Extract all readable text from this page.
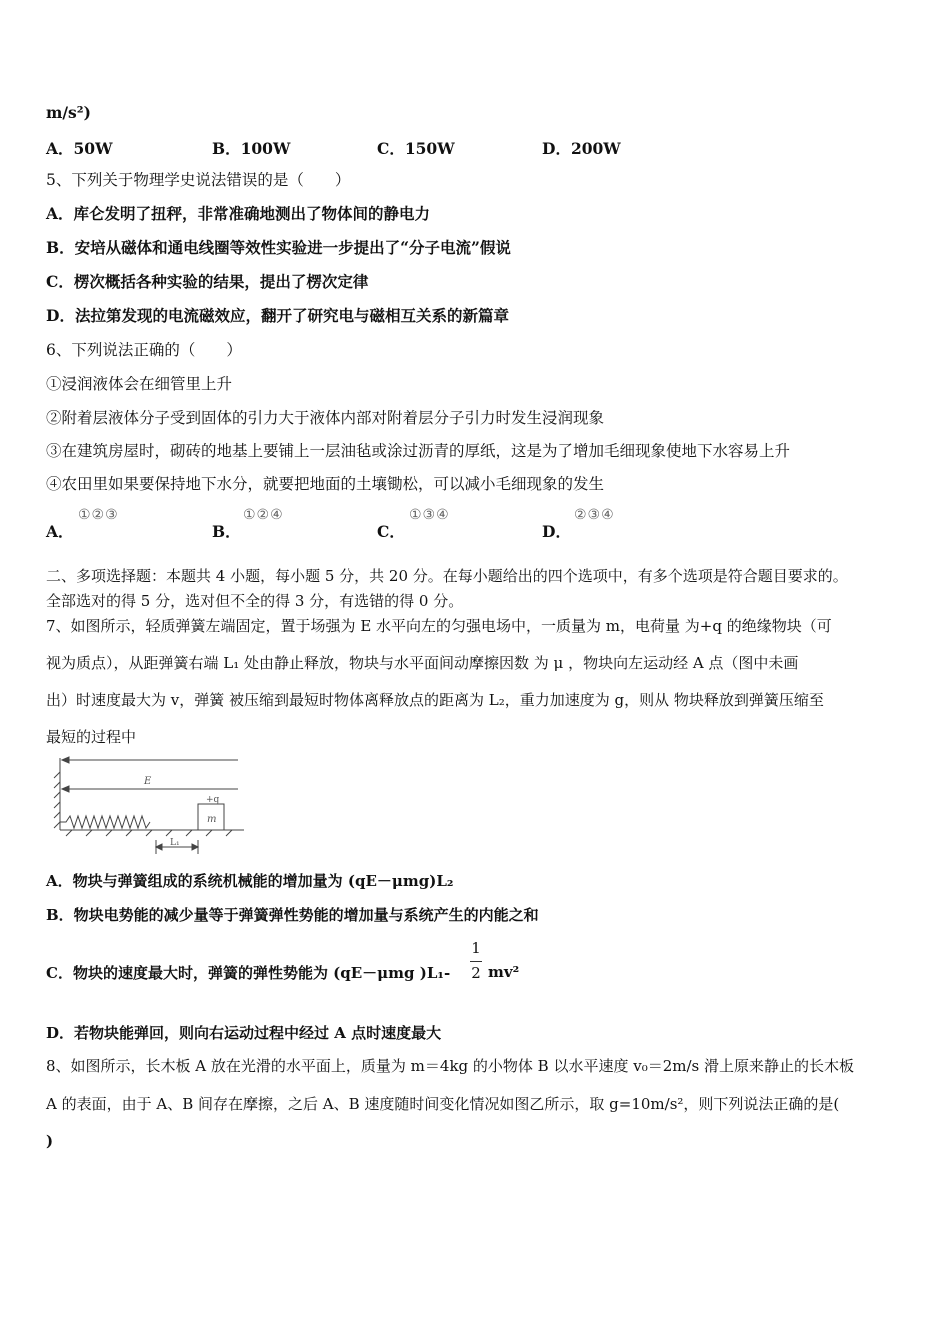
m/s²)
A．50W	B．100W	C．150W	D．200W
5、下列关于物理学史说法错误的是（　　）
A．库仑发明了扭秤，非常准确地测出了物体间的静电力
B．安培从磁体和通电线圈等效性实验进一步提出了“分子电流”假说
C．楞次概括各种实验的结果，提出了楞次定律
D．法拉第发现的电流磁效应，翻开了研究电与磁相互关系的新篇章
6、下列说法正确的（　　）
①浸润液体会在细管里上升
②附着层液体分子受到固体的引力大于液体内部对附着层分子引力时发生浸润现象
③在建筑房屋时，砌砖的地基上要铺上一层油毡或涂过沥青的厚纸，这是为了增加毛细现象使地下水容易上升
④农田里如果要保持地下水分，就要把地面的土壤锄松，可以减小毛细现象的发生
A．
①②③
B．
①②④
C．
①③④
D．
②③④
二、多项选择题：本题共 4 小题，每小题 5 分，共 20 分。在每小题给出的四个选项中，有多个选项是符合题目要求的。
全部选对的得 5 分，选对但不全的得 3 分，有选错的得 0 分。
7、如图所示，轻质弹簧左端固定，置于场强为 E 水平向左的匀强电场中，一质量为 m，电荷量 为+q 的绝缘物块（可
视为质点），从距弹簧右端 L₁ 处由静止释放，物块与水平面间动摩擦因数 为 μ ，物块向左运动经 A 点（图中未画
出）时速度最大为 v，弹簧 被压缩到最短时物体离释放点的距离为 L₂，重力加速度为 g，则从 物块释放到弹簧压缩至
最短的过程中
E
+q
m
L₁
A．物块与弹簧组成的系统机械能的增加量为 (qE－μmg)L₂
B．物块电势能的减少量等于弹簧弹性势能的增加量与系统产生的内能之和
C．物块的速度最大时，弹簧的弹性势能为 (qE－μmg )L₁-
1
2 mv²
D．若物块能弹回，则向右运动过程中经过 A 点时速度最大
8、如图所示，长木板 A 放在光滑的水平面上，质量为 m＝4kg 的小物体 B 以水平速度 v₀＝2m/s 滑上原来静止的长木板
A 的表面，由于 A、B 间存在摩擦，之后 A、B 速度随时间变化情况如图乙所示，取 g=10m/s²，则下列说法正确的是(
)
